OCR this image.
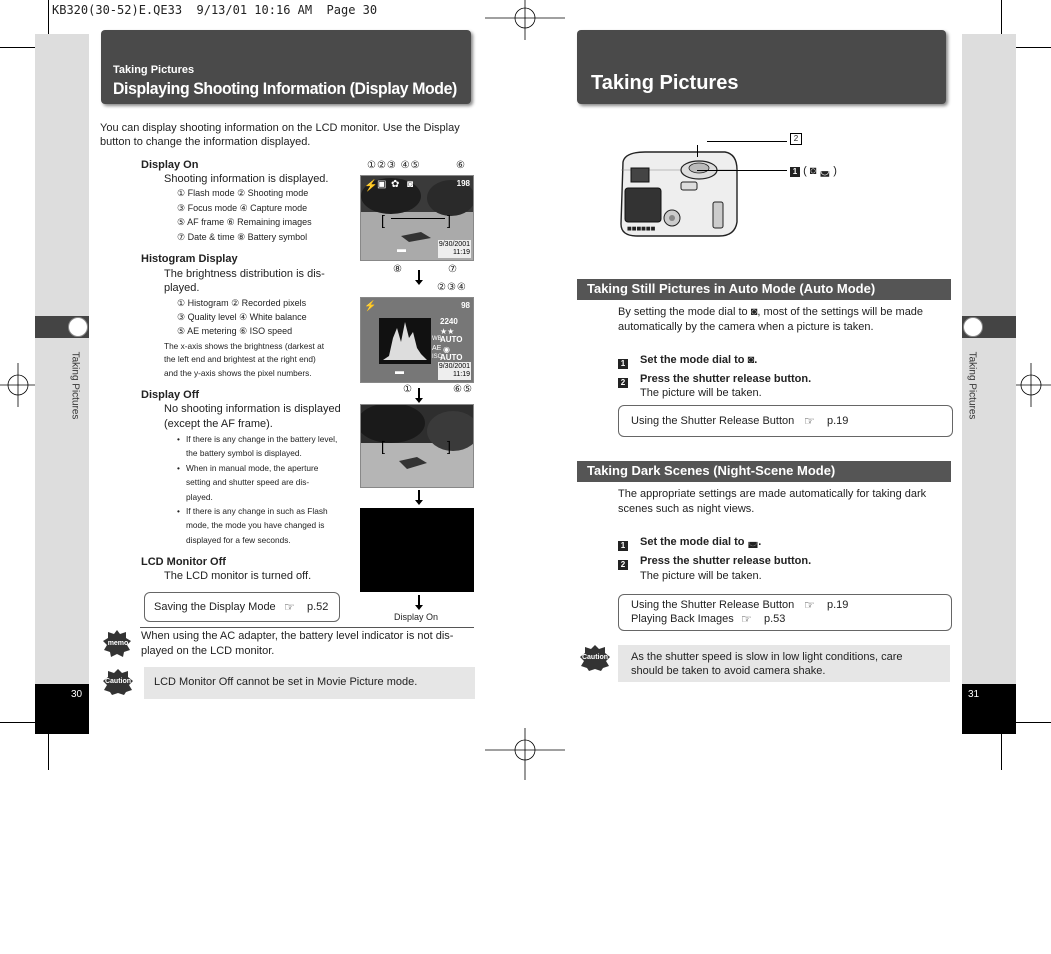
KB320(30-52)E.QE33  9/13/01 10:16 AM  Page 30
Taking Pictures
30
Taking Pictures
Displaying Shooting Information (Display Mode)
You can display shooting information on the LCD monitor. Use the Display button to change the information displayed.
Display On
Shooting information is displayed.
① Flash mode ② Shooting mode
③ Focus mode ④ Capture mode
⑤ AF frame ⑥ Remaining images
⑦ Date & time ⑧ Battery symbol
Histogram Display
The brightness distribution is dis-
played.
① Histogram ② Recorded pixels
③ Quality level ④ White balance
⑤ AE metering ⑥ ISO speed
The x-axis shows the brightness (darkest at
the left end and brightest at the right end)
and the y-axis shows the pixel numbers.
Display Off
No shooting information is displayed
(except the AF frame).
• If there is any change in the battery level,
the battery symbol is displayed.
• When in manual mode, the aperture
setting and shutter speed are dis-
played.
• If there is any change in such as Flash
mode, the mode you have changed is
displayed for a few seconds.
LCD Monitor Off
The LCD monitor is turned off.
Saving the Display Mode ☞ p.52
memo
When using the AC adapter, the battery level indicator is not dis-
played on the LCD monitor.
Caution	LCD Monitor Off cannot be set in Movie Picture mode.
①②③ ④⑤	⑥
⚡ ▣ ✿ ◙	198
[	]
▬	9/30/2001
11:19
⑧	⑦
②③④
⚡	98
2240
★★
WB
AUTO
AE ◉
ISO
AUTO
▬	9/30/2001
11:19
①	⑥⑤
[	]
Display On
Taking Pictures
31
Taking Pictures
■■■■■■
2
1 ( ◙ ◛ )
Taking Still Pictures in Auto Mode (Auto Mode)
By setting the mode dial to ◙, most of the settings will be made
automatically by the camera when a picture is taken.
1 Set the mode dial to ◙.
2 Press the shutter release button.
The picture will be taken.
Using the Shutter Release Button ☞ p.19
Taking Dark Scenes (Night-Scene Mode)
The appropriate settings are made automatically for taking dark
scenes such as night views.
1 Set the mode dial to ◛.
2 Press the shutter release button.
The picture will be taken.
Using the Shutter Release Button ☞ p.19
Playing Back Images ☞ p.53
Caution As the shutter speed is slow in low light conditions, care
should be taken to avoid camera shake.
